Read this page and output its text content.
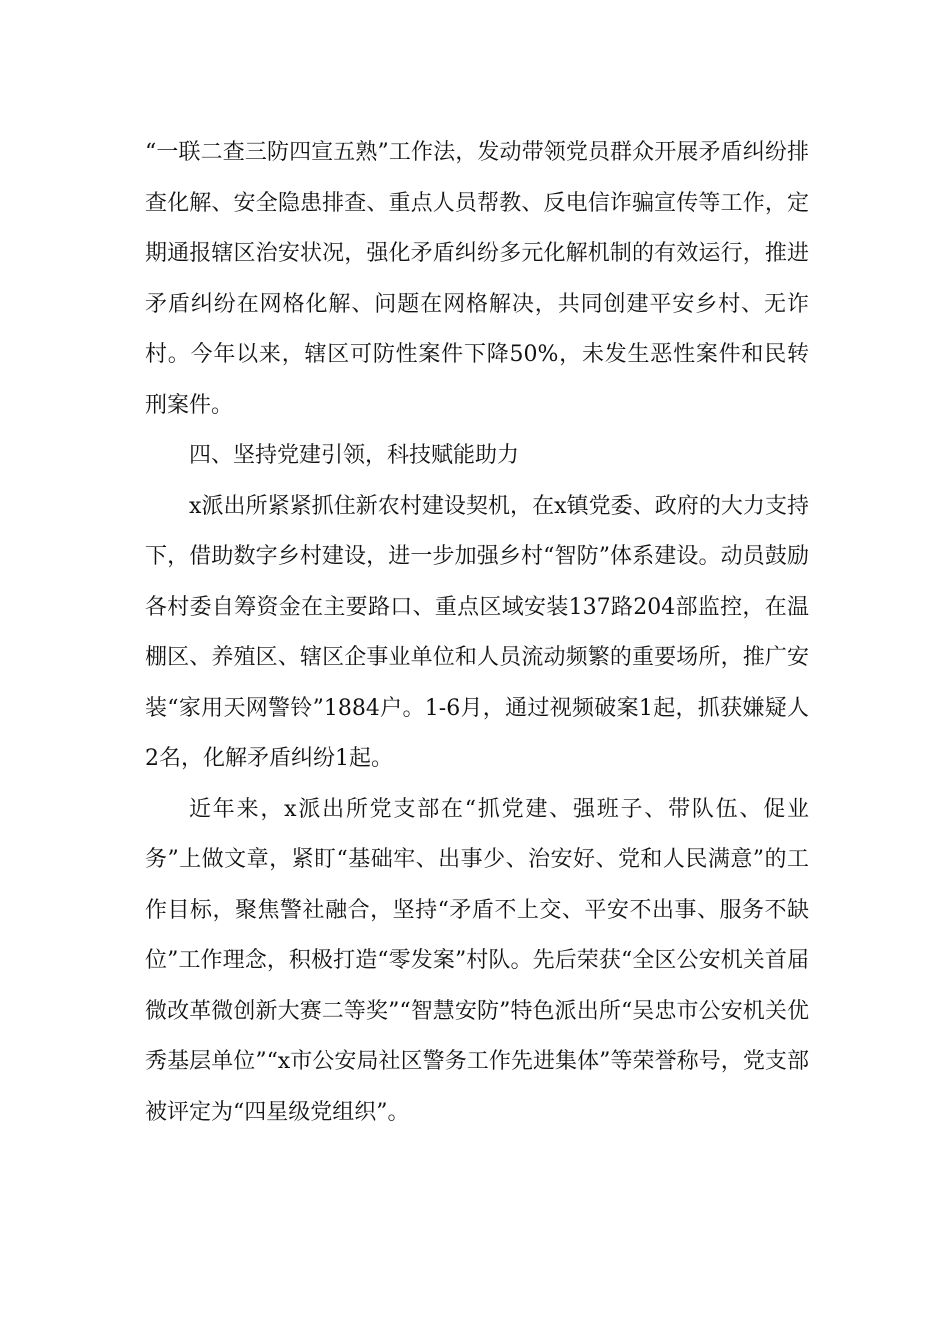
“一联二查三防四宣五熟”工作法，发动带领党员群众开展矛盾纠纷排查化解、安全隐患排查、重点人员帮教、反电信诈骗宣传等工作，定期通报辖区治安状况，强化矛盾纠纷多元化解机制的有效运行，推进矛盾纠纷在网格化解、问题在网格解决，共同创建平安乡村、无诈村。今年以来，辖区可防性案件下降50%，未发生恶性案件和民转刑案件。

四、坚持党建引领，科技赋能助力

x派出所紧紧抓住新农村建设契机，在x镇党委、政府的大力支持下，借助数字乡村建设，进一步加强乡村“智防”体系建设。动员鼓励各村委自筹资金在主要路口、重点区域安装137路204部监控，在温棚区、养殖区、辖区企事业单位和人员流动频繁的重要场所，推广安装“家用天网警铃”1884户。1-6月，通过视频破案1起，抓获嫌疑人2名，化解矛盾纠纷1起。

近年来，x派出所党支部在“抓党建、强班子、带队伍、促业务”上做文章，紧盯“基础牢、出事少、治安好、党和人民满意”的工作目标，聚焦警社融合，坚持“矛盾不上交、平安不出事、服务不缺位”工作理念，积极打造“零发案”村队。先后荣获“全区公安机关首届微改革微创新大赛二等奖”“智慧安防”特色派出所“吴忠市公安机关优秀基层单位”“x市公安局社区警务工作先进集体”等荣誉称号，党支部被评定为“四星级党组织”。
